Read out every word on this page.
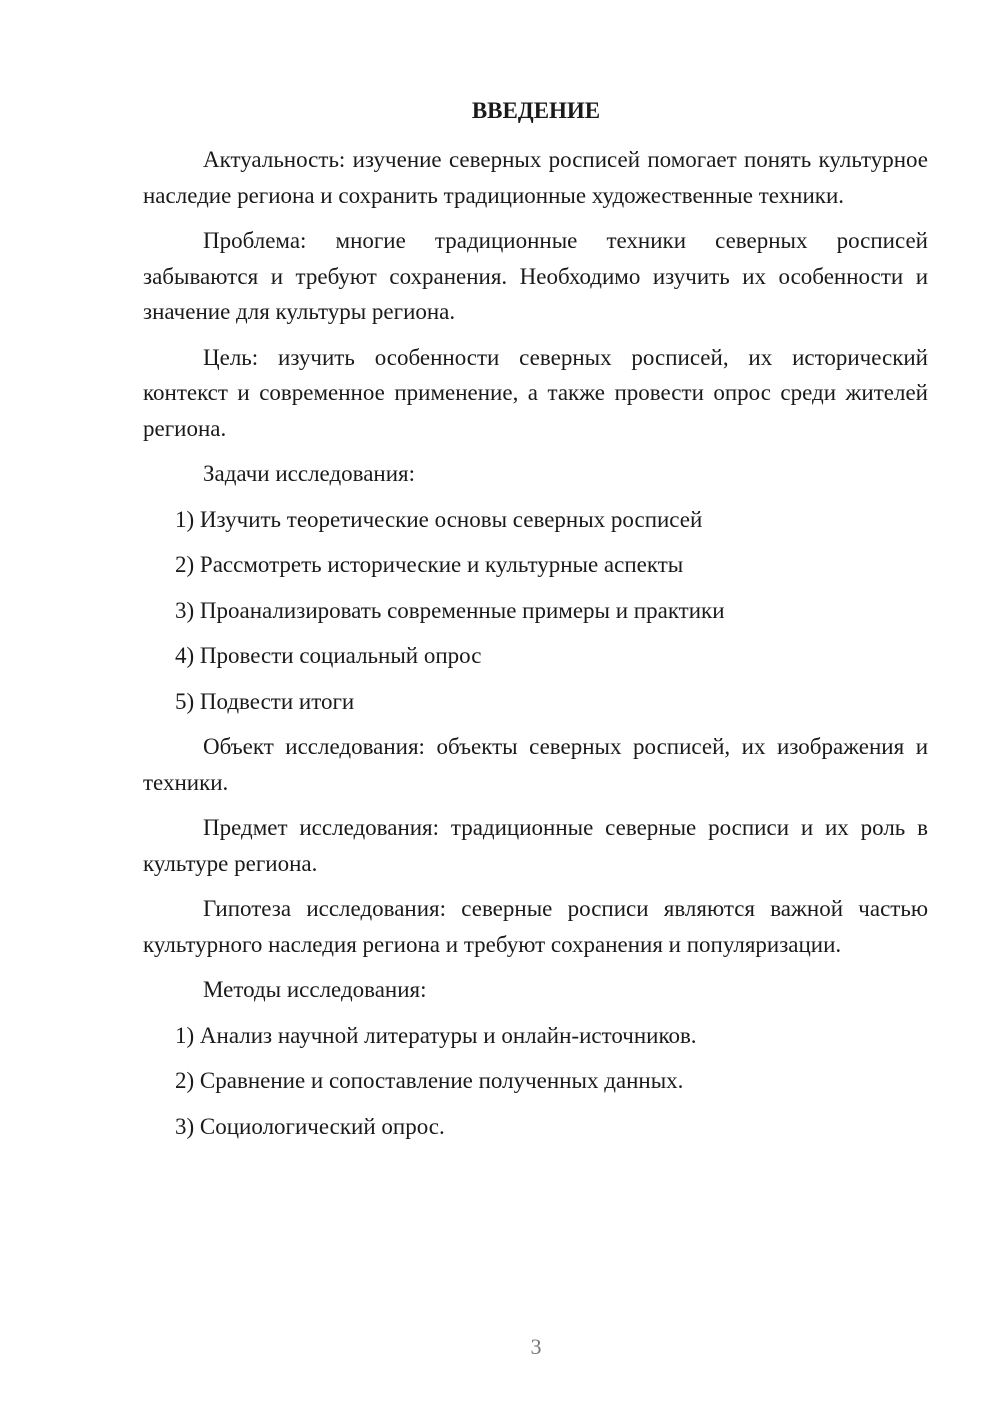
ВВЕДЕНИЕ

Актуальность: изучение северных росписей помогает понять культурное наследие региона и сохранить традиционные художественные техники.

Проблема: многие традиционные техники северных росписей забываются и требуют сохранения. Необходимо изучить их особенности и значение для культуры региона.

Цель: изучить особенности северных росписей, их исторический контекст и современное применение, а также провести опрос среди жителей региона.

Задачи исследования:

1) Изучить теоретические основы северных росписей

2) Рассмотреть исторические и культурные аспекты

3) Проанализировать современные примеры и практики

4) Провести социальный опрос

5) Подвести итоги

Объект исследования: объекты северных росписей, их изображения и техники.

Предмет исследования: традиционные северные росписи и их роль в культуре региона.

Гипотеза исследования: северные росписи являются важной частью культурного наследия региона и требуют сохранения и популяризации.

Методы исследования:

1) Анализ научной литературы и онлайн-источников.

2) Сравнение и сопоставление полученных данных.

3) Социологический опрос.

3
